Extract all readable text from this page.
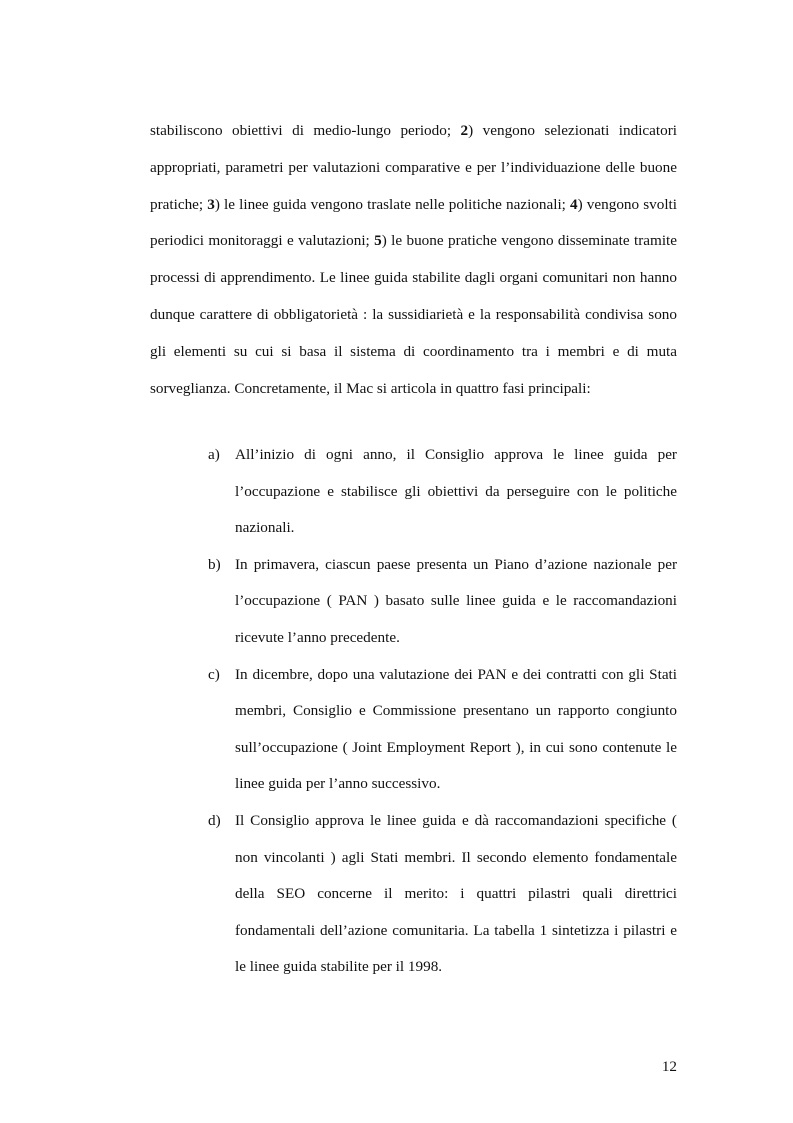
stabiliscono obiettivi di medio-lungo periodo; 2) vengono selezionati indicatori appropriati, parametri per valutazioni comparative e per l’individuazione delle buone pratiche; 3) le linee guida vengono traslate nelle politiche nazionali; 4) vengono svolti periodici monitoraggi e valutazioni; 5) le buone pratiche vengono disseminate tramite processi di apprendimento. Le linee guida stabilite dagli organi comunitari non hanno dunque carattere di obbligatorietà : la sussidiarietà e la responsabilità condivisa sono gli elementi su cui si basa il sistema di coordinamento tra i membri e di muta sorveglianza. Concretamente, il Mac si articola in quattro fasi principali:

a) All’inizio di ogni anno, il Consiglio approva le linee guida per l’occupazione e stabilisce gli obiettivi da perseguire con le politiche nazionali.
b) In primavera, ciascun paese presenta un Piano d’azione nazionale per l’occupazione ( PAN ) basato sulle linee guida e le raccomandazioni ricevute l’anno precedente.
c) In dicembre, dopo una valutazione dei PAN e dei contratti con gli Stati membri, Consiglio e Commissione presentano un rapporto congiunto sull’occupazione ( Joint Employment Report ), in cui sono contenute le linee guida per l’anno successivo.
d) Il Consiglio approva le linee guida e dà raccomandazioni specifiche ( non vincolanti ) agli Stati membri. Il secondo elemento fondamentale della SEO concerne il merito: i quattri pilastri quali direttrici fondamentali dell’azione comunitaria. La tabella 1 sintetizza i pilastri e le linee guida stabilite per il 1998.
12
